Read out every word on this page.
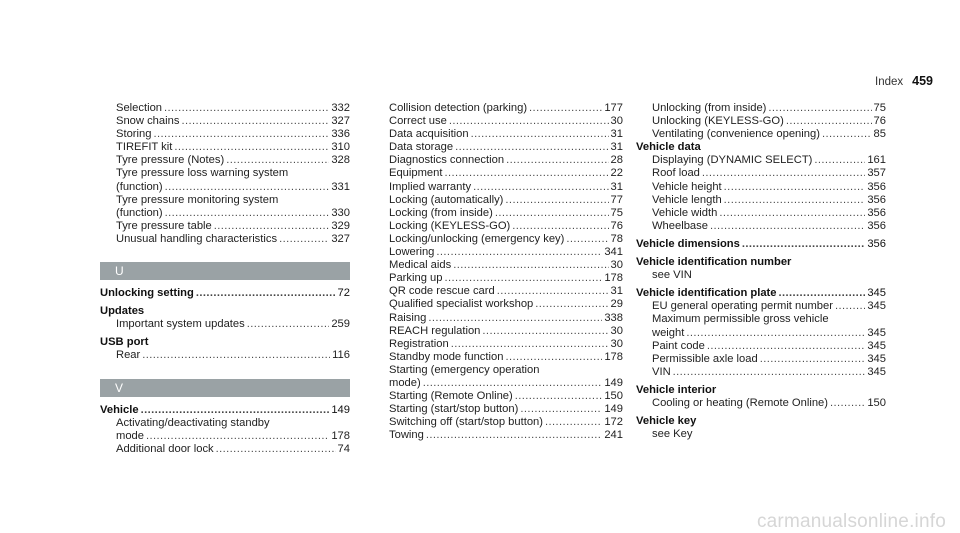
Index 459
Selection .....	332
Snow chains .....	327
Storing .....	336
TIREFIT kit .....	310
Tyre pressure (Notes) .....	328
Tyre pressure loss warning system
(function) .....	331
Tyre pressure monitoring system
(function) .....	330
Tyre pressure table .....	329
Unusual handling characteristics .....	327
U
Unlocking setting .....	72
Updates
Important system updates .....	259
USB port
Rear .....	116
V
Vehicle .....	149
Activating/deactivating standby
mode .....	178
Additional door lock .....	74
Collision detection (parking) .....	177
Correct use .....	30
Data acquisition .....	31
Data storage .....	31
Diagnostics connection .....	28
Equipment .....	22
Implied warranty .....	31
Locking (automatically) .....	77
Locking (from inside) .....	75
Locking (KEYLESS-GO) .....	76
Locking/unlocking (emergency key) .....	78
Lowering .....	341
Medical aids .....	30
Parking up .....	178
QR code rescue card .....	31
Qualified specialist workshop .....	29
Raising .....	338
REACH regulation .....	30
Registration .....	30
Standby mode function .....	178
Starting (emergency operation
mode) .....	149
Starting (Remote Online) .....	150
Starting (start/stop button) .....	149
Switching off (start/stop button) .....	172
Towing .....	241
Unlocking (from inside) .....	75
Unlocking (KEYLESS-GO) .....	76
Ventilating (convenience opening) .....	85
Vehicle data
Displaying (DYNAMIC SELECT) .....	161
Roof load .....	357
Vehicle height .....	356
Vehicle length .....	356
Vehicle width .....	356
Wheelbase .....	356
Vehicle dimensions .....	356
Vehicle identification number
see VIN
Vehicle identification plate .....	345
EU general operating permit number .....	345
Maximum permissible gross vehicle
weight .....	345
Paint code .....	345
Permissible axle load .....	345
VIN .....	345
Vehicle interior
Cooling or heating (Remote Online) .....	150
Vehicle key
see Key
carmanualsonline.info
